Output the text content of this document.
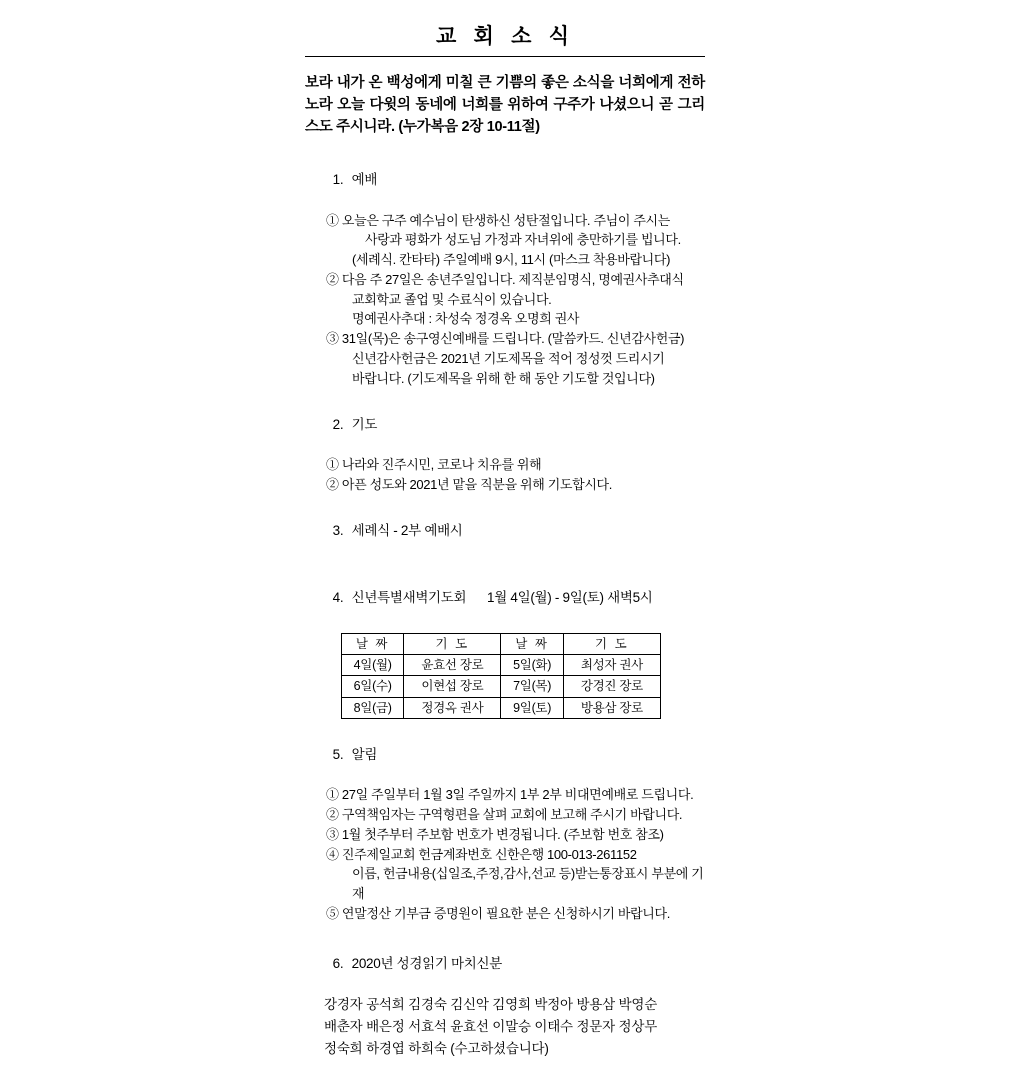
교 회 소 식

보라 내가 온 백성에게 미칠 큰 기쁨의 좋은 소식을 너희에게 전하노라 오늘 다윗의 동네에 너희를 위하여 구주가 나셨으니 곧 그리스도 주시니라. (누가복음 2장 10-11절)

1. 예배

① 오늘은 구주 예수님이 탄생하신 성탄절입니다. 주님이 주시는
사랑과 평화가 성도님 가정과 자녀위에 충만하기를 빕니다.
(세례식. 칸타타) 주일예배 9시, 11시 (마스크 착용바랍니다)
② 다음 주 27일은 송년주일입니다. 제직분임명식, 명예권사추대식
교회학교 졸업 및 수료식이 있습니다.
명예권사추대 : 차성숙 정경옥 오명희 권사
③ 31일(목)은 송구영신예배를 드립니다. (말씀카드. 신년감사헌금)
신년감사헌금은 2021년 기도제목을 적어 정성껏 드리시기
바랍니다. (기도제목을 위해 한 해 동안 기도할 것입니다)

2. 기도

① 나라와 진주시민, 코로나 치유를 위해
② 아픈 성도와 2021년 맡을 직분을 위해 기도합시다.

3. 세례식 - 2부 예배시

4. 신년특별새벽기도회      1월 4일(월) - 9일(토) 새벽5시

날 짜	기 도	날 짜	기 도
4일(월)	윤효선 장로	5일(화)	최성자 권사
6일(수)	이현섭 장로	7일(목)	강경진 장로
8일(금)	정경옥 권사	9일(토)	방용삼 장로

5. 알림

① 27일 주일부터 1월 3일 주일까지 1부 2부 비대면예배로 드립니다.
② 구역책임자는 구역형편을 살펴 교회에 보고해 주시기 바랍니다.
③ 1월 첫주부터 주보함 번호가 변경됩니다. (주보함 번호 참조)
④ 진주제일교회 헌금계좌번호 신한은행 100-013-261152
이름, 헌금내용(십일조,주정,감사,선교 등)받는통장표시 부분에 기재
⑤ 연말정산 기부금 증명원이 필요한 분은 신청하시기 바랍니다.

6. 2020년 성경읽기 마치신분

강경자 공석희 김경숙 김신악 김영희 박정아 방용삼 박영순
배춘자 배은정 서효석 윤효선 이말승 이태수 정문자 정상무
정숙희 하경엽 하희숙 (수고하셨습니다)
